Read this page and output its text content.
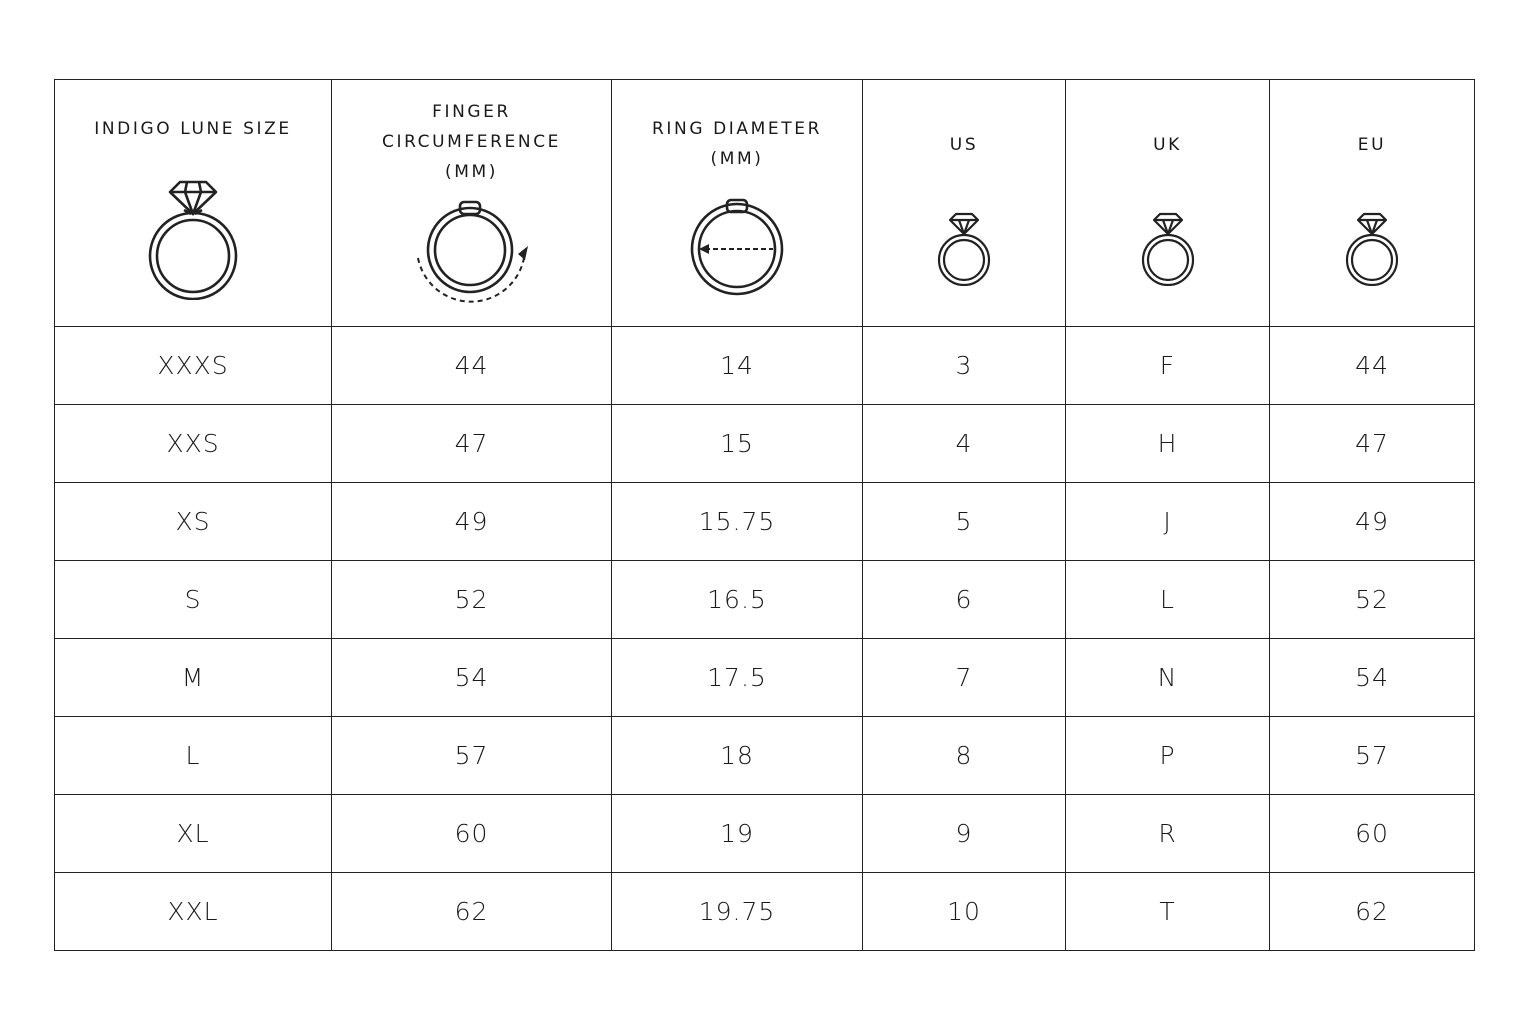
INDIGO LUNE SIZE	FINGER
CIRCUMFERENCE
(MM)	RING DIAMETER
(MM)	US	UK	EU

XXXS	44	14	3	F	44
XXS	47	15	4	H	47
XS	49	15.75	5	J	49
S	52	16.5	6	L	52
M	54	17.5	7	N	54
L	57	18	8	P	57
XL	60	19	9	R	60
XXL	62	19.75	10	T	62
